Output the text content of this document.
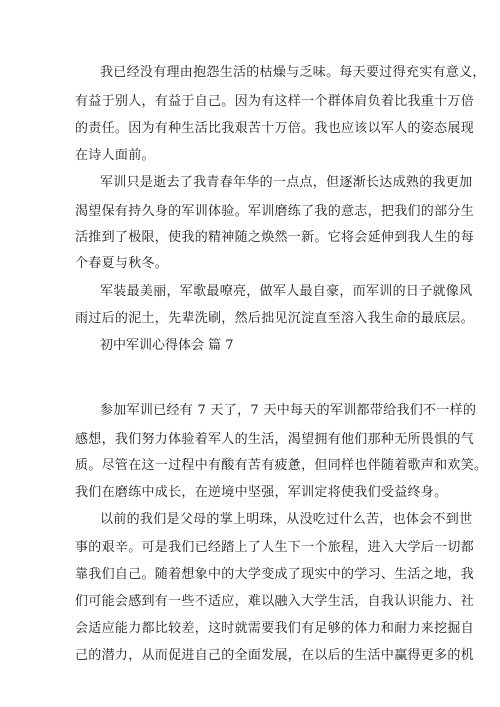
我已经没有理由抱怨生活的枯燥与乏味。每天要过得充实有意义，
有益于别人，有益于自己。因为有这样一个群体肩负着比我重十万倍
的责任。因为有种生活比我艰苦十万倍。我也应该以军人的姿态展现
在诗人面前。
军训只是逝去了我青春年华的一点点，但逐渐长达成熟的我更加
渴望保有持久身的军训体验。军训磨练了我的意志，把我们的部分生
活推到了极限，使我的精神随之焕然一新。它将会延伸到我人生的每
个春夏与秋冬。
军装最美丽，军歌最嘹亮，做军人最自豪，而军训的日子就像风
雨过后的泥土，先辈洗刷，然后拙见沉淀直至溶入我生命的最底层。
初中军训心得体会 篇 7
参加军训已经有 7 天了，7 天中每天的军训都带给我们不一样的
感想，我们努力体验着军人的生活，渴望拥有他们那种无所畏惧的气
质。尽管在这一过程中有酸有苦有疲惫，但同样也伴随着歌声和欢笑。
我们在磨练中成长，在逆境中坚强，军训定将使我们受益终身。
以前的我们是父母的掌上明珠，从没吃过什么苦，也体会不到世
事的艰辛。可是我们已经踏上了人生下一个旅程，进入大学后一切都
靠我们自己。随着想象中的大学变成了现实中的学习、生活之地，我
们可能会感到有一些不适应，难以融入大学生活，自我认识能力、社
会适应能力都比较差，这时就需要我们有足够的体力和耐力来挖掘自
己的潜力，从而促进自己的全面发展，在以后的生活中赢得更多的机
